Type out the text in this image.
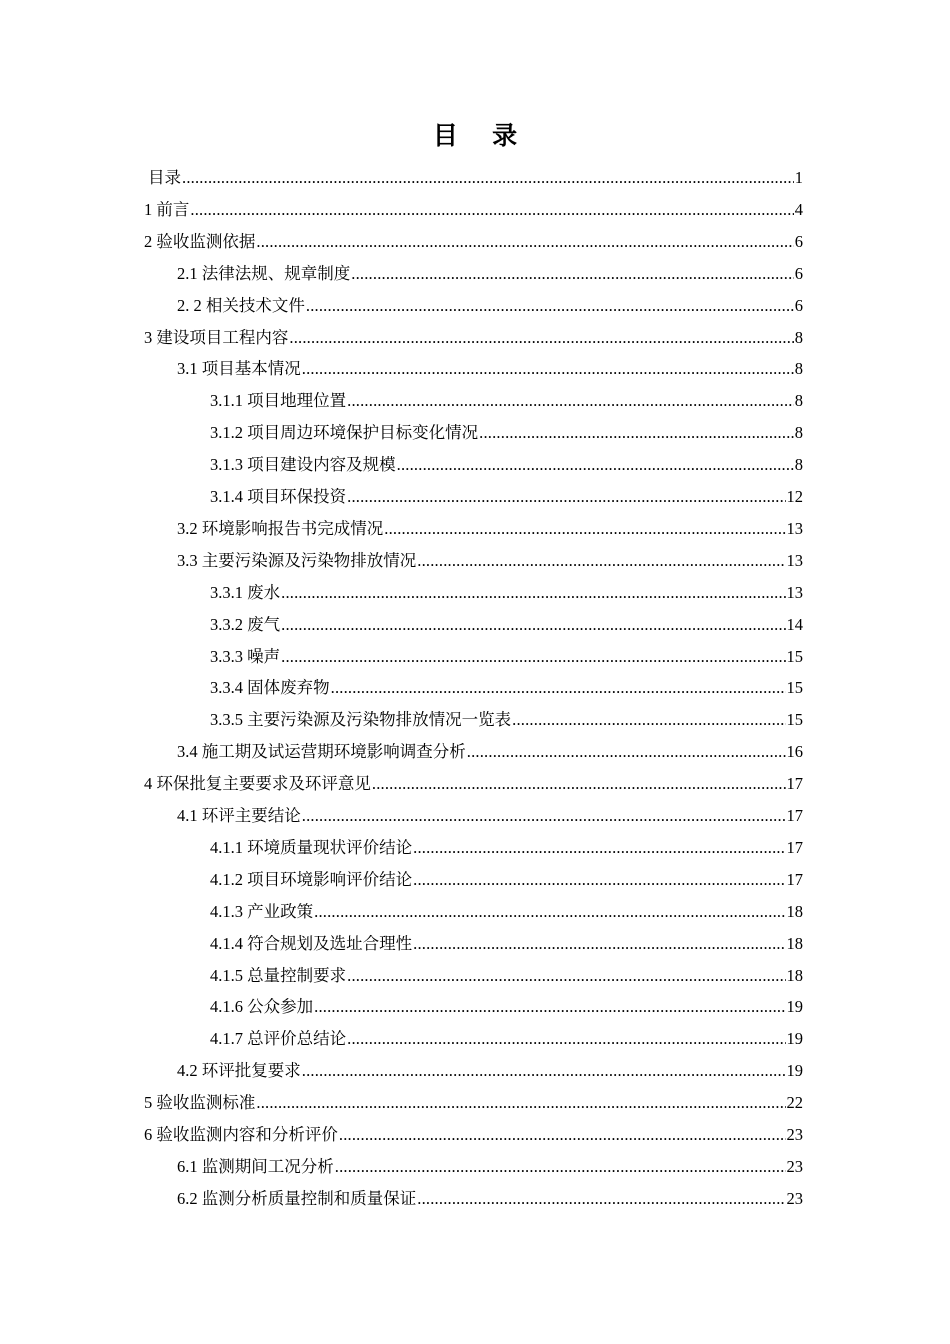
目 录
目录 .....	1
1 前言 .....	4
2 验收监测依据 .....	6
2.1 法律法规、规章制度 .....	6
2. 2 相关技术文件 .....	6
3 建设项目工程内容 .....	8
3.1 项目基本情况 .....	8
3.1.1 项目地理位置 .....	8
3.1.2 项目周边环境保护目标变化情况 .....	8
3.1.3 项目建设内容及规模 .....	8
3.1.4 项目环保投资 .....	12
3.2 环境影响报告书完成情况 .....	13
3.3 主要污染源及污染物排放情况 .....	13
3.3.1 废水 .....	13
3.3.2 废气 .....	14
3.3.3 噪声 .....	15
3.3.4 固体废弃物 .....	15
3.3.5 主要污染源及污染物排放情况一览表 .....	15
3.4 施工期及试运营期环境影响调查分析 .....	16
4 环保批复主要要求及环评意见 .....	17
4.1 环评主要结论 .....	17
4.1.1 环境质量现状评价结论 .....	17
4.1.2 项目环境影响评价结论 .....	17
4.1.3 产业政策 .....	18
4.1.4 符合规划及选址合理性 .....	18
4.1.5 总量控制要求 .....	18
4.1.6 公众参加 .....	19
4.1.7 总评价总结论 .....	19
4.2 环评批复要求 .....	19
5 验收监测标准 .....	22
6 验收监测内容和分析评价 .....	23
6.1 监测期间工况分析 .....	23
6.2 监测分析质量控制和质量保证 .....	23
